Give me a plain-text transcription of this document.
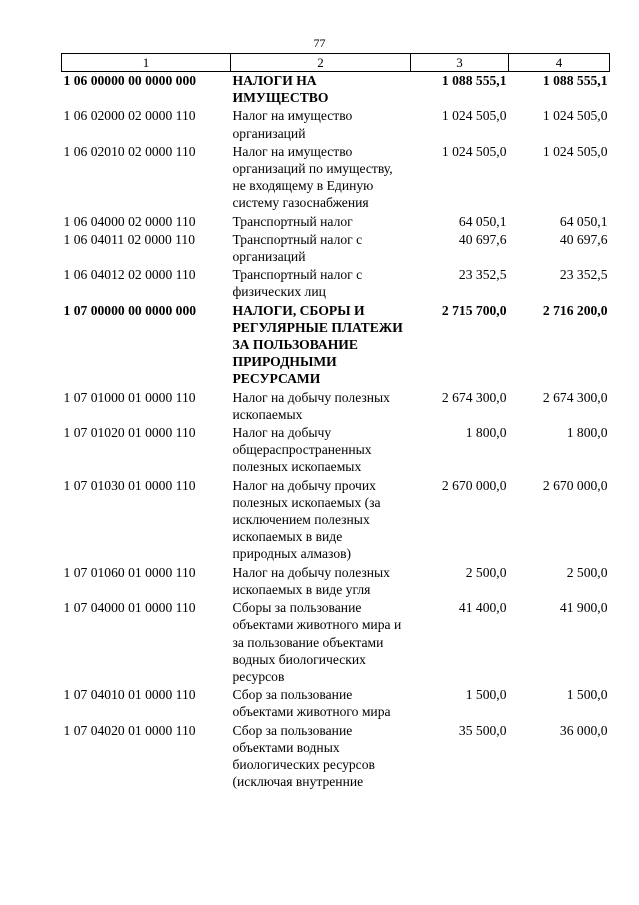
77
1	2	3	4
1 06 00000 00 0000 000	НАЛОГИ НА ИМУЩЕСТВО	1 088 555,1	1 088 555,1
1 06 02000 02 0000 110	Налог на имущество организаций	1 024 505,0	1 024 505,0
1 06 02010 02 0000 110	Налог на имущество организаций по имуществу, не входящему в Единую систему газоснабжения	1 024 505,0	1 024 505,0
1 06 04000 02 0000 110	Транспортный налог	64 050,1	64 050,1
1 06 04011 02 0000 110	Транспортный налог с организаций	40 697,6	40 697,6
1 06 04012 02 0000 110	Транспортный налог с физических лиц	23 352,5	23 352,5
1 07 00000 00 0000 000	НАЛОГИ, СБОРЫ И РЕГУЛЯРНЫЕ ПЛАТЕЖИ ЗА ПОЛЬЗОВАНИЕ ПРИРОДНЫМИ РЕСУРСАМИ	2 715 700,0	2 716 200,0
1 07 01000 01 0000 110	Налог на добычу полезных ископаемых	2 674 300,0	2 674 300,0
1 07 01020 01 0000 110	Налог на добычу общераспространенных полезных ископаемых	1 800,0	1 800,0
1 07 01030 01 0000 110	Налог на добычу прочих полезных ископаемых (за исключением полезных ископаемых в виде природных алмазов)	2 670 000,0	2 670 000,0
1 07 01060 01 0000 110	Налог на добычу полезных ископаемых в виде угля	2 500,0	2 500,0
1 07 04000 01 0000 110	Сборы за пользование объектами животного мира и за пользование объектами водных биологических ресурсов	41 400,0	41 900,0
1 07 04010 01 0000 110	Сбор за пользование объектами животного мира	1 500,0	1 500,0
1 07 04020 01 0000 110	Сбор за пользование объектами водных биологических ресурсов (исключая внутренние	35 500,0	36 000,0
